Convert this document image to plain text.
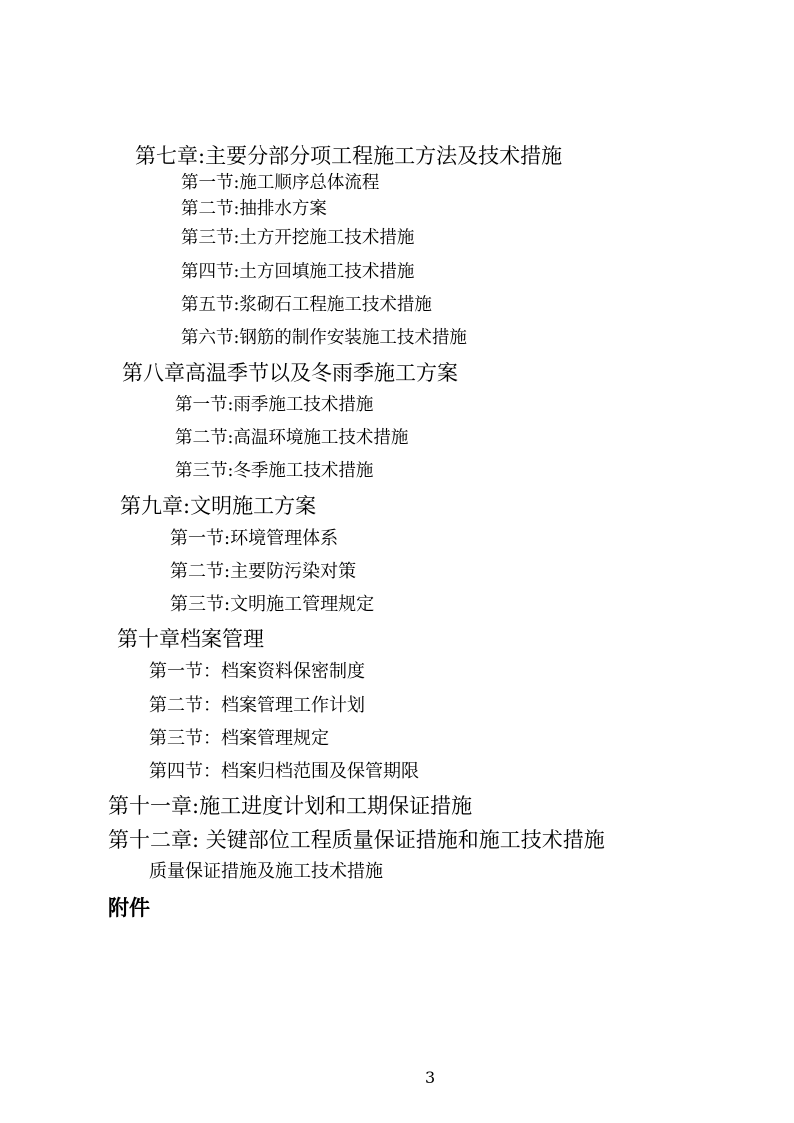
第七章:主要分部分项工程施工方法及技术措施
第一节:施工顺序总体流程
第二节:抽排水方案
第三节:土方开挖施工技术措施
第四节:土方回填施工技术措施
第五节:浆砌石工程施工技术措施
第六节:钢筋的制作安装施工技术措施
第八章高温季节以及冬雨季施工方案
第一节:雨季施工技术措施
第二节:高温环境施工技术措施
第三节:冬季施工技术措施
第九章:文明施工方案
第一节:环境管理体系
第二节:主要防污染对策
第三节:文明施工管理规定
第十章档案管理
第一节：档案资料保密制度
第二节：档案管理工作计划
第三节：档案管理规定
第四节：档案归档范围及保管期限
第十一章:施工进度计划和工期保证措施
第十二章: 关键部位工程质量保证措施和施工技术措施
质量保证措施及施工技术措施
附件
3
